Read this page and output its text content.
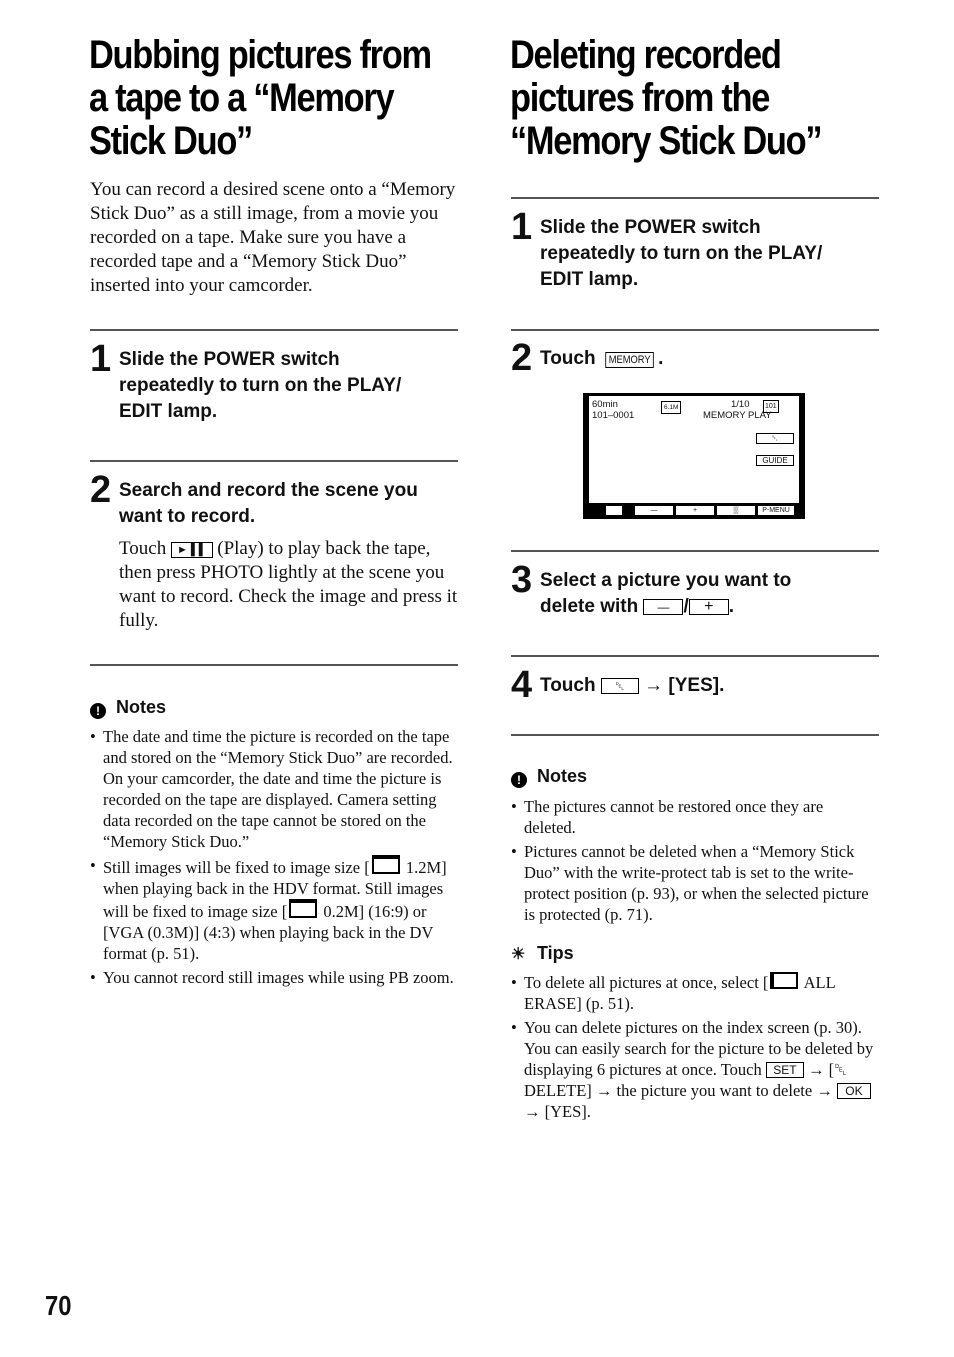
Dubbing pictures from

a tape to a “Memory

Stick Duo”

You can record a desired scene onto a “Memory Stick Duo” as a still image, from a movie you recorded on a tape. Make sure you have a recorded tape and a “Memory Stick Duo” inserted into your camcorder.

1 Slide the POWER switch
repeatedly to turn on the PLAY/
EDIT lamp.
2 Search and record the scene you
want to record.
Touch ► ▌▌ (Play) to play back the tape, then press PHOTO lightly at the scene you want to record. Check the image and press it fully.
! Notes
• The date and time the picture is recorded on the tape and stored on the “Memory Stick Duo” are recorded. On your camcorder, the date and time the picture is recorded on the tape are displayed. Camera setting data recorded on the tape cannot be stored on the “Memory Stick Duo.”
• Still images will be fixed to image size [ 1.2M] when playing back in the HDV format. Still images will be fixed to image size [ 0.2M] (16:9) or [VGA (0.3M)] (4:3) when playing back in the DV format (p. 51).
• You cannot record still images while using PB zoom.

Deleting recorded

pictures from the

“Memory Stick Duo”

1 Slide the POWER switch
repeatedly to turn on the PLAY/
EDIT lamp.
2 Touch MEMORY .
60min	6.1M	1/10 101
101–0001	MEMORY PLAY
␡
GUIDE
—	+	▒	P-MENU
3 Select a picture you want to
delete with — / + .
4 Touch ␡ → [YES].
! Notes
• The pictures cannot be restored once they are deleted.
• Pictures cannot be deleted when a “Memory Stick Duo” with the write-protect tab is set to the write-protect position (p. 93), or when the selected picture is protected (p. 71).
☀ Tips
• To delete all pictures at once, select [ ALL ERASE] (p. 51).
• You can delete pictures on the index screen (p. 30). You can easily search for the picture to be deleted by displaying 6 pictures at once. Touch SET → [␡ DELETE] → the picture you want to delete → OK → [YES].
70
